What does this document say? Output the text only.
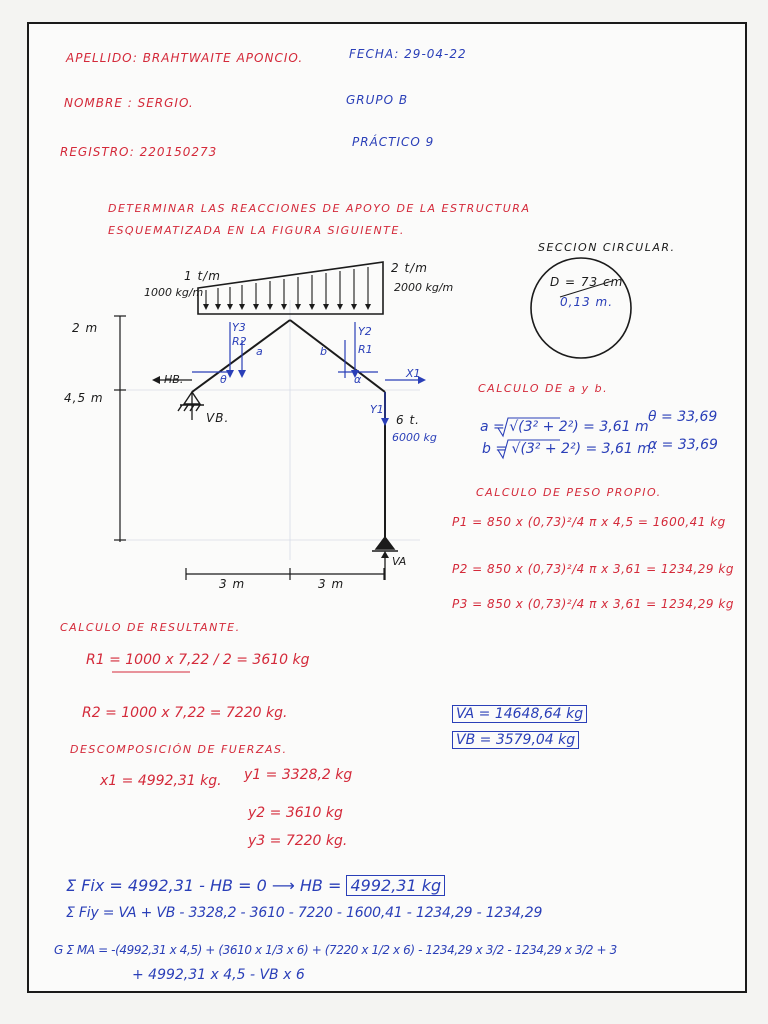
APELLIDO: BRAHTWAITE APONCIO.	FECHA: 29-04-22
NOMBRE : SERGIO.	GRUPO B
REGISTRO: 220150273
PRÁCTICO 9
DETERMINAR LAS REACCIONES DE APOYO DE LA ESTRUCTURA
ESQUEMATIZADA EN LA FIGURA SIGUIENTE.
SECCION CIRCULAR.
D = 73 cm
0,13 m.
1 t/m
1000 kg/m
2 t/m
2000 kg/m
2 m
4,5 m
3 m	3 m
HB.
VB.
VA
Y3
R2
a
θ
b
Y2
R1
α	X1
Y1
6 t.
6000 kg
CALCULO DE a y b.
a = √(3² + 2²) = 3,61 m
θ = 33,69
b = √(3² + 2²) = 3,61 m.
α = 33,69
CALCULO DE PESO PROPIO.
P1 = 850 x (0,73)²/4 π x 4,5 = 1600,41 kg
P2 = 850 x (0,73)²/4 π x 3,61 = 1234,29 kg
P3 = 850 x (0,73)²/4 π x 3,61 = 1234,29 kg
CALCULO DE RESULTANTE.
R1 = 1000 x 7,22 / 2 = 3610 kg
R2 = 1000 x 7,22 = 7220 kg.	VA = 14648,64 kg
VB = 3579,04 kg
DESCOMPOSICIÓN DE FUERZAS.
x1 = 4992,31 kg. y1 = 3328,2 kg
y2 = 3610 kg
y3 = 7220 kg.
Σ Fix = 4992,31 - HB = 0 ⟶ HB = 4992,31 kg
Σ Fiy = VA + VB - 3328,2 - 3610 - 7220 - 1600,41 - 1234,29 - 1234,29
G Σ MA = -(4992,31 x 4,5) + (3610 x 1/3 x 6) + (7220 x 1/2 x 6) - 1234,29 x 3/2 - 1234,29 x 3/2 + 3
+ 4992,31 x 4,5 - VB x 6
